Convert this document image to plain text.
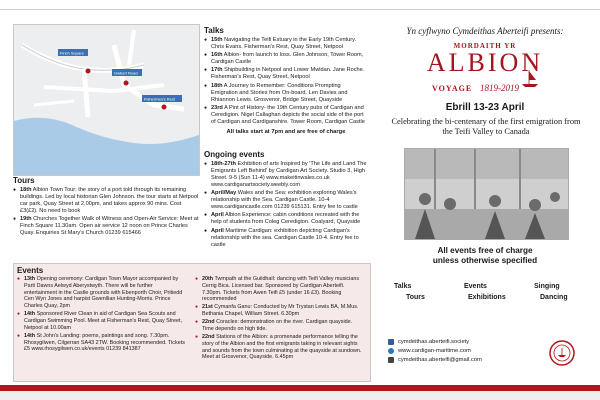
Finch Square
Gwbert Road
Fishermen's Rest
Tours
● 18th Albion Town Tour: the story of a port told through its remaining buildings. Led by local historian Glen Johnson. the tour starts at Netpool car park, Quay Street at 2.00pm, and takes approx 90 mins. Cost £3(£2). No need to book
● 19th Churches Together Walk of Witness and Open-Air Service: Meet at Finch Square 11.30am. Open air service 12 noon on Prince Charles Quay. Enquiries St Mary's Church 01239 615466
Talks
● 15th Navigating the Teifi Estuary in the Early 19th Century. Chris Evans. Fisherman's Rest, Quay Street, Netpool
● 16th Albion- from launch to loss. Glen Johnson, Tower Room, Cardigan Castle
● 17th Shipbuilding in Netpool and Lower Mwldan. Jane Roche. Fisherman's Rest, Quay Street, Netpool
● 18th A Journey to Remember: Conditions Prompting Emigration and Stories from On-board. Len Davies and Rhiannon Lewis. Grosvenor, Bridge Street, Quayside
● 23rd A Pint of History- the 19th Century pubs of Cardigan and Ceredigion. Nigel Callaghan depicts the social side of the port of Cardigan and Cardiganshire. Tower Room, Cardigan Castle
All talks start at 7pm and are free of charge
Ongoing events
● 18th-27th Exhibition of arts Inspired by 'The Life and Land The Emigrants Left Behind' by Cardigan Art Society. Studio 3, High Street. 9-5 (Sun 11-4) www.makeitinwales.co.uk www.cardiganartsociety.weebly.com
● April/May Wales and the Sea: exhibition exploring Wales's relationship with the Sea. Cardigan Castle. 10-4 www.cardigancastle.com 01239 615131. Entry fee to castle
● April Albion Experience: cabin conditions recreated with the help of students from Coleg Ceredigion. Coalyard, Quayside
● April Maritime Cardigan: exhibition depicting Cardigan's relationship with the sea. Cardigan Castle 10-4. Entry fee to castle
Events
● 13th Opening ceremony: Cardigan Town Mayor accompanied by Parti Dawns Aelwyd Aberystwyth. There will be further entertainment in the Castle grounds with Ebenporth Choir, Pritiedd Cen Wyn Jones and harpist Gwenllian Hunting-Morris. Prince Charles Quay, 2pm
● 14th Sponsored River Clean in aid of Cardigan Sea Scouts and Cardigan Swimming Pool. Meet at Fisherman's Rest, Quay Street, Netpool at 10.00am
● 14th St John's Landing: poems, paintings and song. 7.30pm. Rhosygilwen, Cilgerran SA43 2TW. Booking recommended. Tickets £5 www.rhosygilwen.co.uk/events 01239 841387
● 20th Twmpath at the Guildhall: dancing with Teifi Valley musicians Cerrig Bica. Licensed bar. Sponsored by Cardigan Aberteifi. 7.30pm. Tickets from Awen Teifi £5 (under 16 £3). Booking recommended
● 21st Cymanfa Ganu: Conducted by Mr Trystan Lewis BA, M.Mus. Bethania Chapel, William Street. 6.30pm
● 22nd Coracles: demonstration on the river. Cardigan quayside. Time depends on high tide.
● 22nd Stations of the Albion: a promenade performance telling the story of the Albion and the first emigrants taking in relevant sights and sounds from the town culminating at the quayside at sundown. Meet at Grosvenor, Quayside. 6.45pm
Yn cyflwyno Cymdeithas Aberteifi presents:
MORDAITH YR
ALBION
VOYAGE 1819-2019
Ebrill 13-23 April
Celebrating the bi-centenary of the first emigration from the Teifi Valley to Canada
All events free of charge
unless otherwise specified
Talks	Events	Singing
Tours	Exhibitions	Dancing
cymdeithas.aberteifi.society
www.cardigan-maritime.com
cymdeithas.aberteifi@gmail.com
